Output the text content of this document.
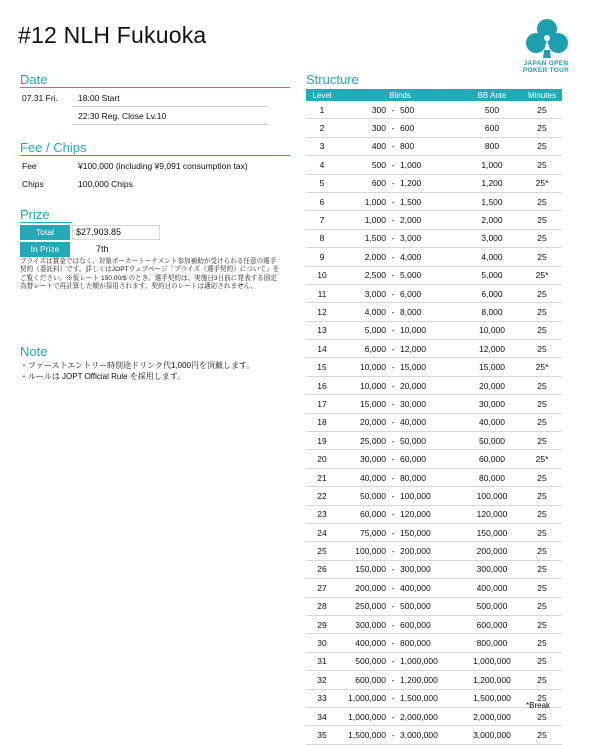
#12 NLH Fukuoka
JAPAN OPEN
POKER TOUR
Date
07.31 Fri. 18:00 Start
22:30 Reg. Close Lv.10
Fee / Chips
Fee	¥100,000 (including ¥9,091 consumption tax)
Chips	100,000 Chips
Prize
Total	$27,903.85
In Prize	7th
プライズは賞金ではなく、対象ポーカートーナメント参加補助が受けられる任意の選手契約（委託料）です。詳しくはJOPTウェブページ「プライズ（選手契約）について」をご覧ください。※仮レート 150.00/$ のとき。選手契約は、実施日3日前に発表する固定為替レートで再計算した額が採用されます。契約日のレートは適応されません。
Note
・ファーストエントリー時別途ドリンク代1,000円を頂戴します。
・ルールは JOPT Official Rule を採用します。
Structure
Level	Blinds			BB Ante	Minutes
1	300	-	500	500	25
2	300	-	600	600	25
3	400	-	800	800	25
4	500	-	1,000	1,000	25
5	600	-	1,200	1,200	25*
6	1,000	-	1,500	1,500	25
7	1,000	-	2,000	2,000	25
8	1,500	-	3,000	3,000	25
9	2,000	-	4,000	4,000	25
10	2,500	-	5,000	5,000	25*
11	3,000	-	6,000	6,000	25
12	4,000	-	8,000	8,000	25
13	5,000	-	10,000	10,000	25
14	6,000	-	12,000	12,000	25
15	10,000	-	15,000	15,000	25*
16	10,000	-	20,000	20,000	25
17	15,000	-	30,000	30,000	25
18	20,000	-	40,000	40,000	25
19	25,000	-	50,000	50,000	25
20	30,000	-	60,000	60,000	25*
21	40,000	-	80,000	80,000	25
22	50,000	-	100,000	100,000	25
23	60,000	-	120,000	120,000	25
24	75,000	-	150,000	150,000	25
25	100,000	-	200,000	200,000	25
26	150,000	-	300,000	300,000	25
27	200,000	-	400,000	400,000	25
28	250,000	-	500,000	500,000	25
29	300,000	-	600,000	600,000	25
30	400,000	-	800,000	800,000	25
31	500,000	-	1,000,000	1,000,000	25
32	600,000	-	1,200,000	1,200,000	25
33	1,000,000	-	1,500,000	1,500,000	25
34	1,000,000	-	2,000,000	2,000,000	25
35	1,500,000	-	3,000,000	3,000,000	25
*Break
